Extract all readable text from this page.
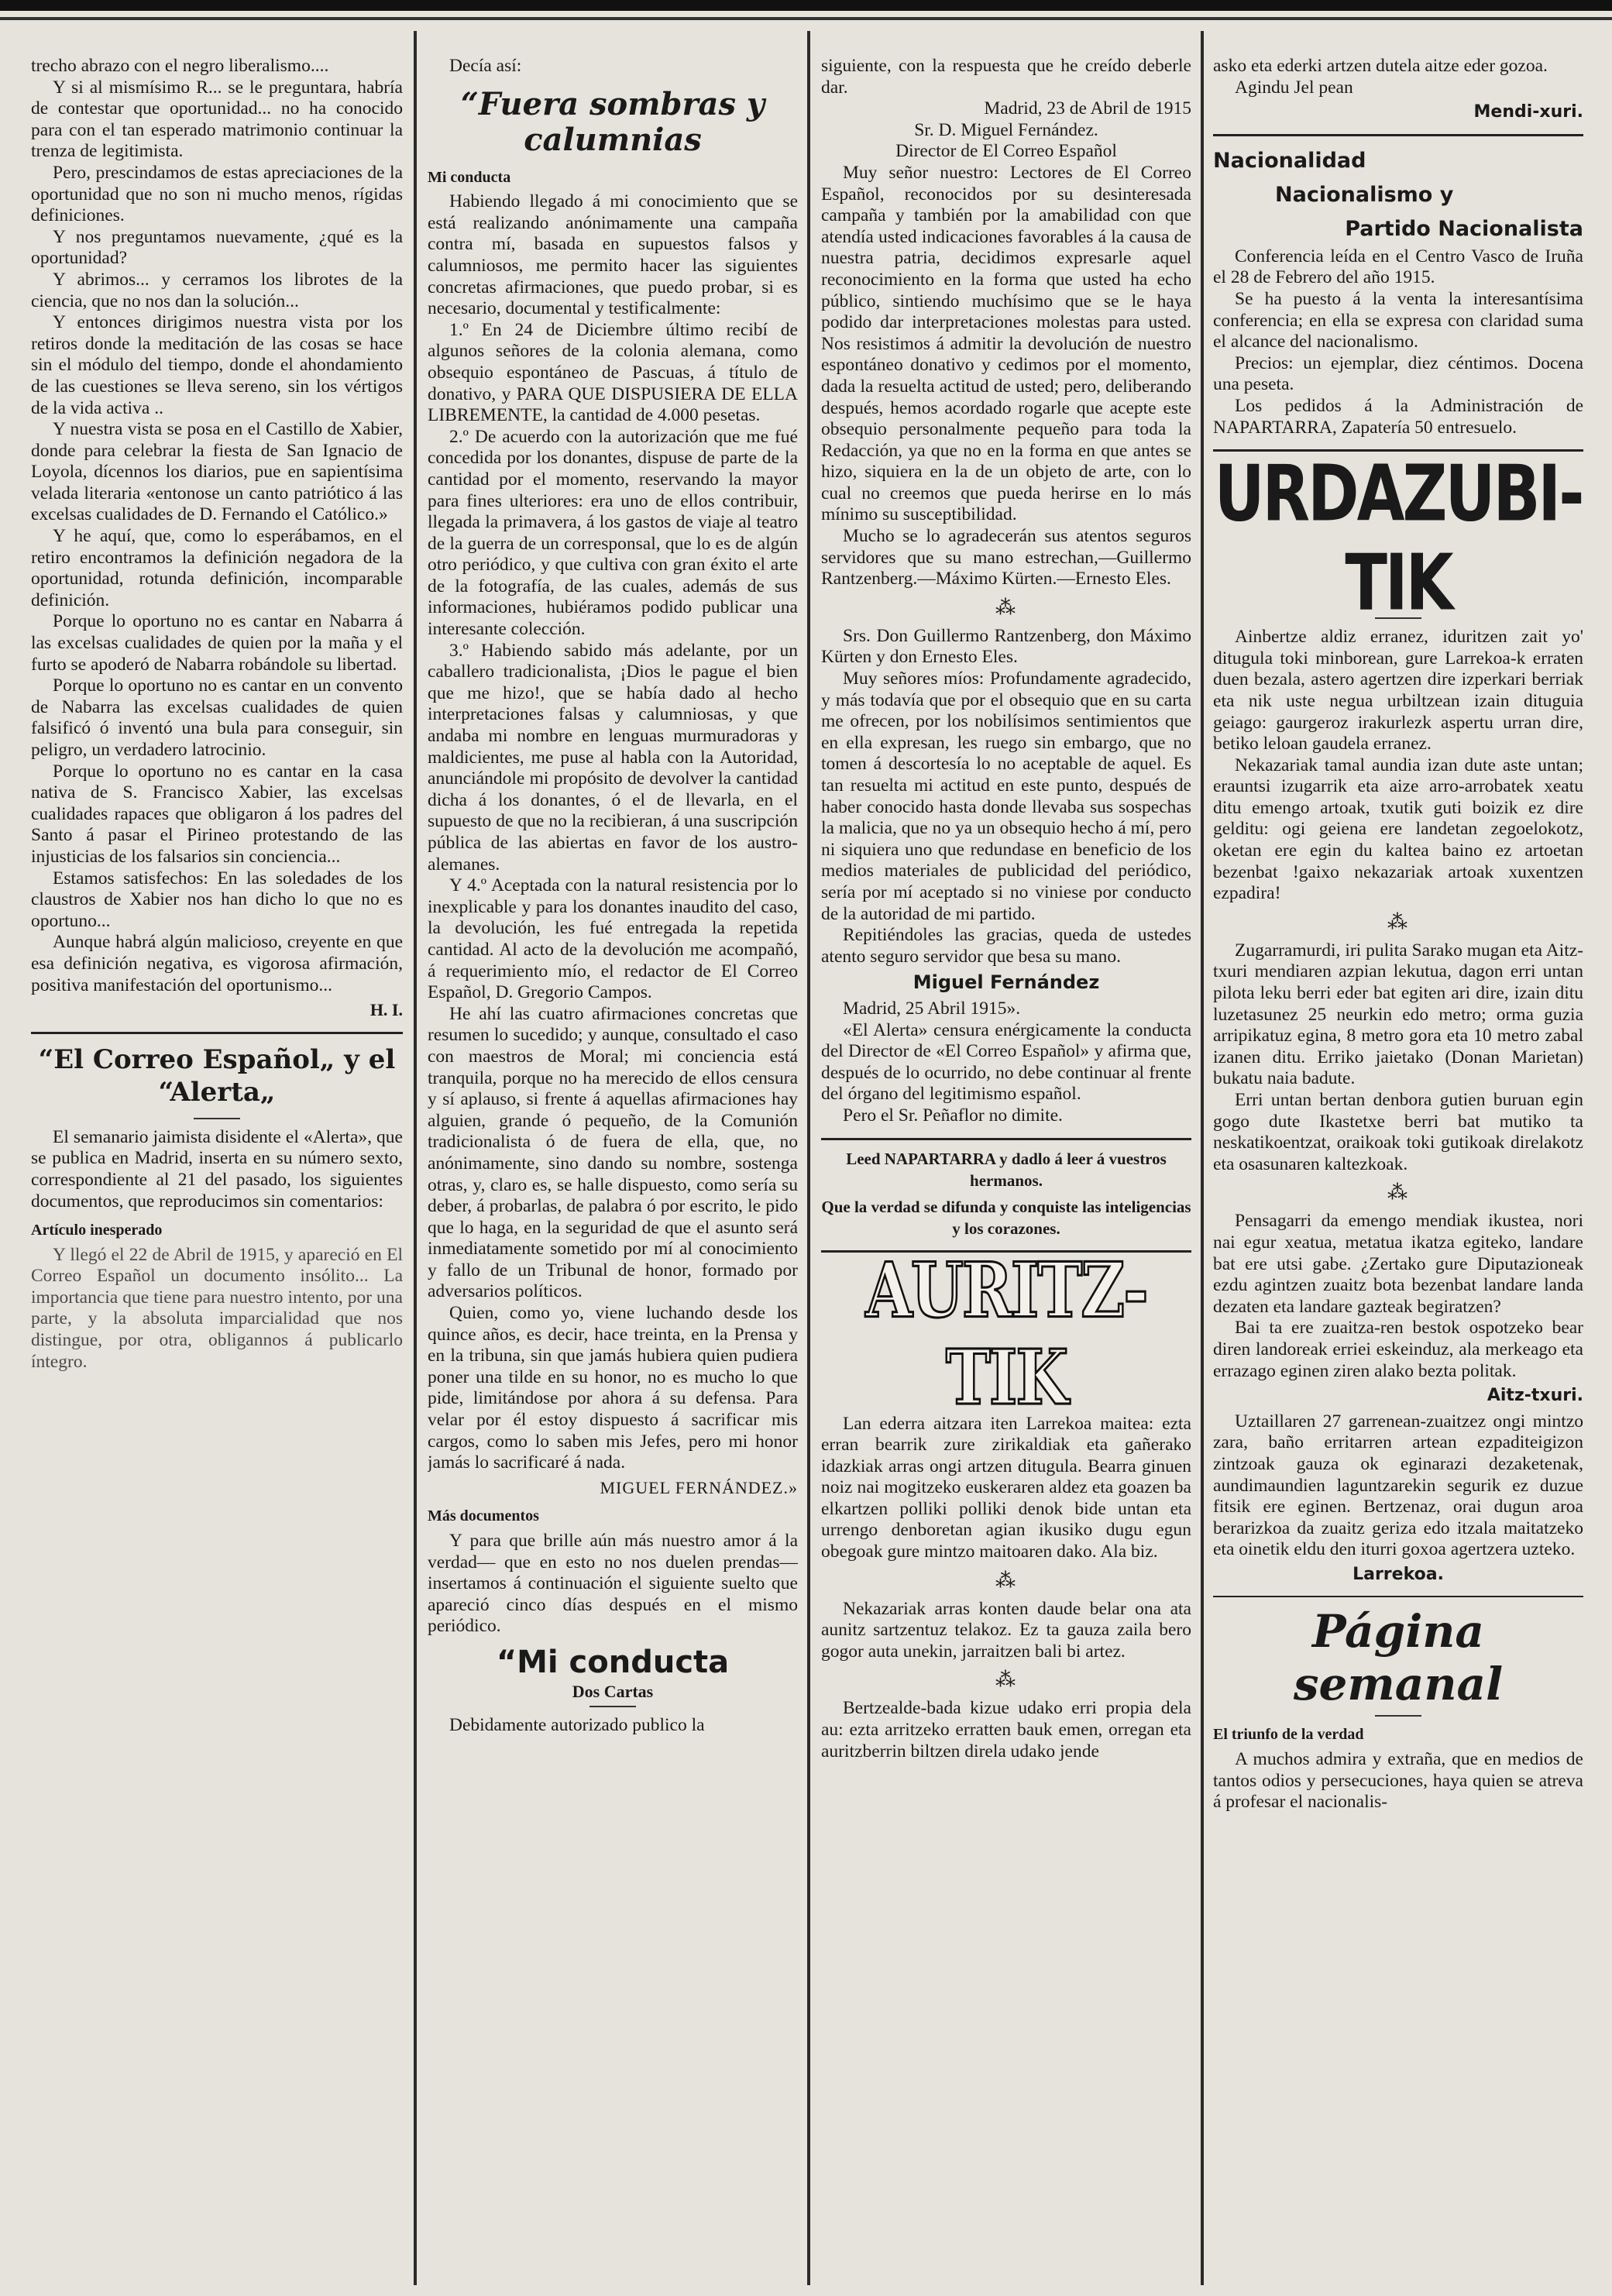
trecho abrazo con el negro liberalismo....

Y si al mismísimo R... se le preguntara, habría de contestar que oportunidad... no ha conocido para con el tan esperado matrimonio continuar la trenza de legitimista.

Pero, prescindamos de estas apreciaciones de la oportunidad que no son ni mucho menos, rígidas definiciones.

Y nos preguntamos nuevamente, ¿qué es la oportunidad?

Y abrimos... y cerramos los librotes de la ciencia, que no nos dan la solución...

Y entonces dirigimos nuestra vista por los retiros donde la meditación de las cosas se hace sin el módulo del tiempo, donde el ahondamiento de las cuestiones se lleva sereno, sin los vértigos de la vida activa ..

Y nuestra vista se posa en el Castillo de Xabier, donde para celebrar la fiesta de San Ignacio de Loyola, dícennos los diarios, pue en sapientísima velada literaria «entonose un canto patriótico á las excelsas cualidades de D. Fernando el Católico.»

Y he aquí, que, como lo esperábamos, en el retiro encontramos la definición negadora de la oportunidad, rotunda definición, incomparable definición.

Porque lo oportuno no es cantar en Nabarra á las excelsas cualidades de quien por la maña y el furto se apoderó de Nabarra robándole su libertad.

Porque lo oportuno no es cantar en un convento de Nabarra las excelsas cualidades de quien falsificó ó inventó una bula para conseguir, sin peligro, un verdadero latrocinio.

Porque lo oportuno no es cantar en la casa nativa de S. Francisco Xabier, las excelsas cualidades rapaces que obligaron á los padres del Santo á pasar el Pirineo protestando de las injusticias de los falsarios sin conciencia...

Estamos satisfechos: En las soledades de los claustros de Xabier nos han dicho lo que no es oportuno...

Aunque habrá algún malicioso, creyente en que esa definición negativa, es vigorosa afirmación, positiva manifestación del oportunismo...

H. I.
“El Correo Español„ y el “Alerta„

El semanario jaimista disidente el «Alerta», que se publica en Madrid, inserta en su número sexto, correspondiente al 21 del pasado, los siguientes documentos, que reproducimos sin comentarios:

Artículo inesperado

Y llegó el 22 de Abril de 1915, y apareció en El Correo Español un documento insólito... La importancia que tiene para nuestro intento, por una parte, y la absoluta imparcialidad que nos distingue, por otra, obligannos á publicarlo íntegro.

Decía así:

“Fuera sombras y calumnias
Mi conducta

Habiendo llegado á mi conocimiento que se está realizando anónimamente una campaña contra mí, basada en supuestos falsos y calumniosos, me permito hacer las siguientes concretas afirmaciones, que puedo probar, si es necesario, documental y testificalmente:

1.º En 24 de Diciembre último recibí de algunos señores de la colonia alemana, como obsequio espontáneo de Pascuas, á título de donativo, y PARA QUE DISPUSIERA DE ELLA LIBREMENTE, la cantidad de 4.000 pesetas.

2.º De acuerdo con la autorización que me fué concedida por los donantes, dispuse de parte de la cantidad por el momento, reservando la mayor para fines ulteriores: era uno de ellos contribuir, llegada la primavera, á los gastos de viaje al teatro de la guerra de un corresponsal, que lo es de algún otro periódico, y que cultiva con gran éxito el arte de la fotografía, de las cuales, además de sus informaciones, hubiéramos podido publicar una interesante colección.

3.º Habiendo sabido más adelante, por un caballero tradicionalista, ¡Dios le pague el bien que me hizo!, que se había dado al hecho interpretaciones falsas y calumniosas, y que andaba mi nombre en lenguas murmuradoras y maldicientes, me puse al habla con la Autoridad, anunciándole mi propósito de devolver la cantidad dicha á los donantes, ó el de llevarla, en el supuesto de que no la recibieran, á una suscripción pública de las abiertas en favor de los austro-alemanes.

Y 4.º Aceptada con la natural resistencia por lo inexplicable y para los donantes inaudito del caso, la devolución, les fué entregada la repetida cantidad. Al acto de la devolución me acompañó, á requerimiento mío, el redactor de El Correo Español, D. Gregorio Campos.

He ahí las cuatro afirmaciones concretas que resumen lo sucedido; y aunque, consultado el caso con maestros de Moral; mi conciencia está tranquila, porque no ha merecido de ellos censura y sí aplauso, si frente á aquellas afirmaciones hay alguien, grande ó pequeño, de la Comunión tradicionalista ó de fuera de ella, que, no anónimamente, sino dando su nombre, sostenga otras, y, claro es, se halle dispuesto, como sería su deber, á probarlas, de palabra ó por escrito, le pido que lo haga, en la seguridad de que el asunto será inmediatamente sometido por mí al conocimiento y fallo de un Tribunal de honor, formado por adversarios políticos.

Quien, como yo, viene luchando desde los quince años, es decir, hace treinta, en la Prensa y en la tribuna, sin que jamás hubiera quien pudiera poner una tilde en su honor, no es mucho lo que pide, limitándose por ahora á su defensa. Para velar por él estoy dispuesto á sacrificar mis cargos, como lo saben mis Jefes, pero mi honor jamás lo sacrificaré á nada.

MIGUEL FERNÁNDEZ.»
Más documentos

Y para que brille aún más nuestro amor á la verdad— que en esto no nos duelen prendas—insertamos á continuación el siguiente suelto que apareció cinco días después en el mismo periódico.

“Mi conducta
Dos Cartas

Debidamente autorizado publico la

siguiente, con la respuesta que he creído deberle dar.

Madrid, 23 de Abril de 1915
Sr. D. Miguel Fernández.
Director de El Correo Español

Muy señor nuestro: Lectores de El Correo Español, reconocidos por su desinteresada campaña y también por la amabilidad con que atendía usted indicaciones favorables á la causa de nuestra patria, decidimos expresarle aquel reconocimiento en la forma que usted ha echo público, sintiendo muchísimo que se le haya podido dar interpretaciones molestas para usted. Nos resistimos á admitir la devolución de nuestro espontáneo donativo y cedimos por el momento, dada la resuelta actitud de usted; pero, deliberando después, hemos acordado rogarle que acepte este obsequio personalmente pequeño para toda la Redacción, ya que no en la forma en que antes se hizo, siquiera en la de un objeto de arte, con lo cual no creemos que pueda herirse en lo más mínimo su susceptibilidad.

Mucho se lo agradecerán sus atentos seguros servidores que su mano estrechan,—Guillermo Rantzenberg.—Máximo Kürten.—Ernesto Eles.

⁂

Srs. Don Guillermo Rantzenberg, don Máximo Kürten y don Ernesto Eles.

Muy señores míos: Profundamente agradecido, y más todavía que por el obsequio que en su carta me ofrecen, por los nobilísimos sentimientos que en ella expresan, les ruego sin embargo, que no tomen á descortesía lo no aceptable de aquel. Es tan resuelta mi actitud en este punto, después de haber conocido hasta donde llevaba sus sospechas la malicia, que no ya un obsequio hecho á mí, pero ni siquiera uno que redundase en beneficio de los medios materiales de publicidad del periódico, sería por mí aceptado si no viniese por conducto de la autoridad de mi partido.

Repitiéndoles las gracias, queda de ustedes atento seguro servidor que besa su mano.

Miguel Fernández

Madrid, 25 Abril 1915».

«El Alerta» censura enérgicamente la conducta del Director de «El Correo Español» y afirma que, después de lo ocurrido, no debe continuar al frente del órgano del legitimismo español.

Pero el Sr. Peñaflor no dimite.

Leed NAPARTARRA y dadlo á leer á vuestros hermanos.
Que la verdad se difunda y conquiste las inteligencias y los corazones.
AURITZ-TIK

Lan ederra aitzara iten Larrekoa maitea: ezta erran bearrik zure zirikaldiak eta gañerako idazkiak arras ongi artzen ditugula. Bearra ginuen noiz nai mogitzeko euskeraren aldez eta goazen ba elkartzen polliki polliki denok bide untan eta urrengo denboretan agian ikusiko dugu egun obegoak gure mintzo maitoaren dako. Ala biz.

⁂

Nekazariak arras konten daude belar ona ata aunitz sartzentuz telakoz. Ez ta gauza zaila bero gogor auta unekin, jarraitzen bali bi artez.

⁂

Bertzealde-bada kizue udako erri propia dela au: ezta arritzeko erratten bauk emen, orregan eta auritzberrin biltzen direla udako jende

asko eta ederki artzen dutela aitze eder gozoa.

Agindu Jel pean

Mendi-xuri.
Nacionalidad
Nacionalismo y
Partido Nacionalista

Conferencia leída en el Centro Vasco de Iruña el 28 de Febrero del año 1915.

Se ha puesto á la venta la interesantísima conferencia; en ella se expresa con claridad suma el alcance del nacionalismo.

Precios: un ejemplar, diez céntimos. Docena una peseta.

Los pedidos á la Administración de NAPARTARRA, Zapatería 50 entresuelo.

URDAZUBI-TIK

Ainbertze aldiz erranez, iduritzen zait yo' ditugula toki minborean, gure Larrekoa-k erraten duen bezala, astero agertzen dire izperkari berriak eta nik uste negua urbiltzean izain dituguia geiago: gaurgeroz irakurlezk aspertu urran dire, betiko leloan gaudela erranez.

Nekazariak tamal aundia izan dute aste untan; erauntsi izugarrik eta aize arro-arrobatek xeatu ditu emengo artoak, txutik guti boizik ez dire gelditu: ogi geiena ere landetan zegoelokotz, oketan ere egin du kaltea baino ez artoetan bezenbat !gaixo nekazariak artoak xuxentzen ezpadira!

⁂

Zugarramurdi, iri pulita Sarako mugan eta Aitz-txuri mendiaren azpian lekutua, dagon erri untan pilota leku berri eder bat egiten ari dire, izain ditu luzetasunez 25 neurkin edo metro; orma guzia arripikatuz egina, 8 metro gora eta 10 metro zabal izanen ditu. Erriko jaietako (Donan Marietan) bukatu naia badute.

Erri untan bertan denbora gutien buruan egin gogo dute Ikastetxe berri bat mutiko ta neskatikoentzat, oraikoak toki gutikoak direlakotz eta osasunaren kaltezkoak.

⁂

Pensagarri da emengo mendiak ikustea, nori nai egur xeatua, metatua ikatza egiteko, landare bat ere utsi gabe. ¿Zertako gure Diputazioneak ezdu agintzen zuaitz bota bezenbat landare landa dezaten eta landare gazteak begiratzen?

Bai ta ere zuaitza-ren bestok ospotzeko bear diren landoreak erriei eskeinduz, ala merkeago eta errazago eginen ziren alako bezta politak.

Aitz-txuri.

Uztaillaren 27 garrenean-zuaitzez ongi mintzo zara, baño erritarren artean ezpaditeigizon zintzoak gauza ok eginarazi dezaketenak, aundimaundien laguntzarekin segurik ez duzue fitsik ere eginen. Bertzenaz, orai dugun aroa berarizkoa da zuaitz geriza edo itzala maitatzeko eta oinetik eldu den iturri goxoa agertzera uzteko.

Larrekoa.
Página semanal
El triunfo de la verdad

A muchos admira y extraña, que en medios de tantos odios y persecuciones, haya quien se atreva á profesar el nacionalis-
